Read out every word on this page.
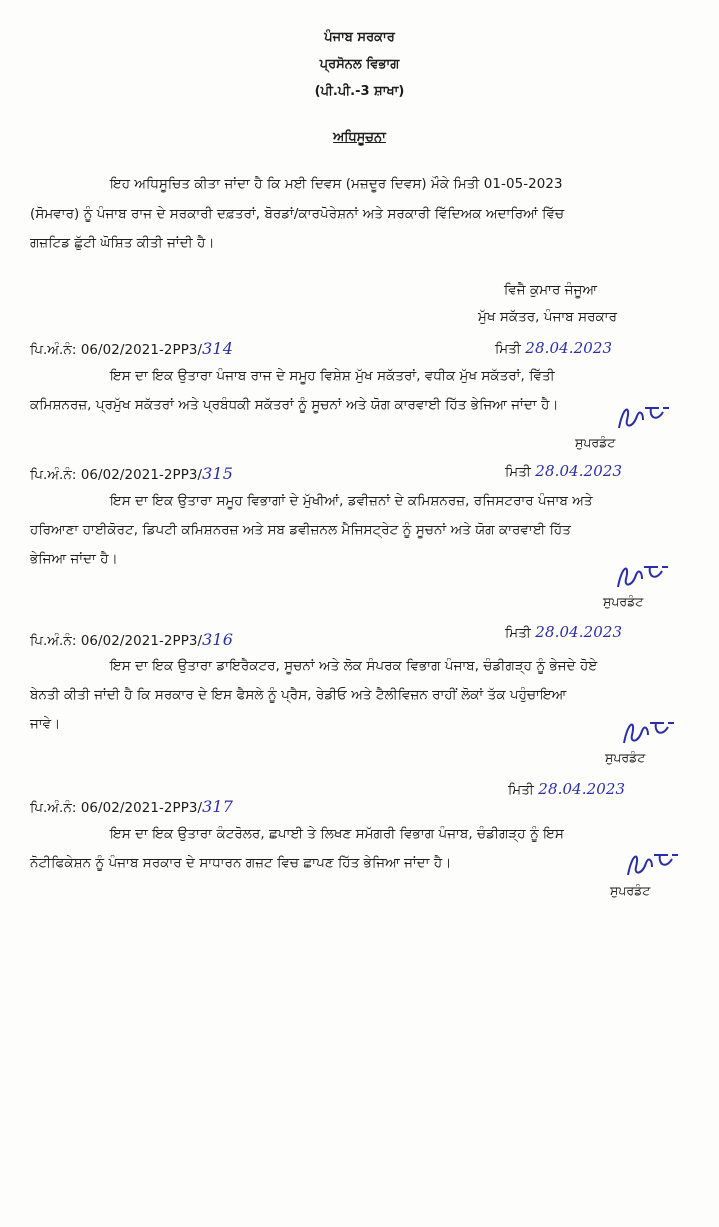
ਪੰਜਾਬ ਸਰਕਾਰ
ਪ੍ਰਸੋਨਲ ਵਿਭਾਗ
(ਪੀ.ਪੀ.-3 ਸ਼ਾਖਾ)
ਅਧਿਸੂਚਨਾ
ਇਹ ਅਧਿਸੂਚਿਤ ਕੀਤਾ ਜਾਂਦਾ ਹੈ ਕਿ ਮਈ ਦਿਵਸ (ਮਜ਼ਦੂਰ ਦਿਵਸ) ਮੌਕੇ ਮਿਤੀ 01-05-2023
(ਸੋਮਵਾਰ) ਨੂੰ ਪੰਜਾਬ ਰਾਜ ਦੇ ਸਰਕਾਰੀ ਦਫ਼ਤਰਾਂ, ਬੋਰਡਾਂ/ਕਾਰਪੋਰੇਸ਼ਨਾਂ ਅਤੇ ਸਰਕਾਰੀ ਵਿੱਦਿਅਕ ਅਦਾਰਿਆਂ ਵਿੱਚ
ਗਜ਼ਟਿਡ ਛੁੱਟੀ ਘੋਸ਼ਿਤ ਕੀਤੀ ਜਾਂਦੀ ਹੈ।
ਵਿਜੈ ਕੁਮਾਰ ਜੰਜੂਆ
ਮੁੱਖ ਸਕੱਤਰ, ਪੰਜਾਬ ਸਰਕਾਰ
ਪਿ.ਅੰ.ਨੰ: 06/02/2021-2PP3/314	ਮਿਤੀ 28.04.2023
ਇਸ ਦਾ ਇਕ ਉਤਾਰਾ ਪੰਜਾਬ ਰਾਜ ਦੇ ਸਮੂਹ ਵਿਸ਼ੇਸ਼ ਮੁੱਖ ਸਕੱਤਰਾਂ, ਵਧੀਕ ਮੁੱਖ ਸਕੱਤਰਾਂ, ਵਿੱਤੀ
ਕਮਿਸ਼ਨਰਜ਼, ਪ੍ਰਮੁੱਖ ਸਕੱਤਰਾਂ ਅਤੇ ਪ੍ਰਬੰਧਕੀ ਸਕੱਤਰਾਂ ਨੂੰ ਸੂਚਨਾਂ ਅਤੇ ਯੋਗ ਕਾਰਵਾਈ ਹਿੱਤ ਭੇਜਿਆ ਜਾਂਦਾ ਹੈ।
ਸੁਪਰਡੰਟ
ਪਿ.ਅੰ.ਨੰ: 06/02/2021-2PP3/315	ਮਿਤੀ 28.04.2023
ਇਸ ਦਾ ਇਕ ਉਤਾਰਾ ਸਮੂਹ ਵਿਭਾਗਾਂ ਦੇ ਮੁੱਖੀਆਂ, ਡਵੀਜ਼ਨਾਂ ਦੇ ਕਮਿਸ਼ਨਰਜ਼, ਰਜਿਸਟਰਾਰ ਪੰਜਾਬ ਅਤੇ
ਹਰਿਆਣਾ ਹਾਈਕੋਰਟ, ਡਿਪਟੀ ਕਮਿਸ਼ਨਰਜ਼ ਅਤੇ ਸਬ ਡਵੀਜ਼ਨਲ ਮੈਜਿਸਟ੍ਰੇਟ ਨੂੰ ਸੂਚਨਾਂ ਅਤੇ ਯੋਗ ਕਾਰਵਾਈ ਹਿੱਤ
ਭੇਜਿਆ ਜਾਂਦਾ ਹੈ।
ਸੁਪਰਡੰਟ
ਪਿ.ਅੰ.ਨੰ: 06/02/2021-2PP3/316	ਮਿਤੀ 28.04.2023
ਇਸ ਦਾ ਇਕ ਉਤਾਰਾ ਡਾਇਰੈਕਟਰ, ਸੂਚਨਾਂ ਅਤੇ ਲੋਕ ਸੰਪਰਕ ਵਿਭਾਗ ਪੰਜਾਬ, ਚੰਡੀਗੜ੍ਹ ਨੂੰ ਭੇਜਦੇ ਹੋਏ
ਬੇਨਤੀ ਕੀਤੀ ਜਾਂਦੀ ਹੈ ਕਿ ਸਰਕਾਰ ਦੇ ਇਸ ਫੈਸਲੇ ਨੂੰ ਪ੍ਰੈਸ, ਰੇਡੀਓ ਅਤੇ ਟੈਲੀਵਿਜ਼ਨ ਰਾਹੀਂ ਲੋਕਾਂ ਤੱਕ ਪਹੁੰਚਾਇਆ
ਜਾਵੇ।
ਸੁਪਰਡੰਟ
ਮਿਤੀ 28.04.2023
ਪਿ.ਅੰ.ਨੰ: 06/02/2021-2PP3/317
ਇਸ ਦਾ ਇਕ ਉਤਾਰਾ ਕੰਟਰੋਲਰ, ਛਪਾਈ ਤੇ ਲਿਖਣ ਸਮੱਗਰੀ ਵਿਭਾਗ ਪੰਜਾਬ, ਚੰਡੀਗੜ੍ਹ ਨੂੰ ਇਸ
ਨੋਟੀਫਿਕੇਸ਼ਨ ਨੂੰ ਪੰਜਾਬ ਸਰਕਾਰ ਦੇ ਸਾਧਾਰਨ ਗਜ਼ਟ ਵਿਚ ਛਾਪਣ ਹਿੱਤ ਭੇਜਿਆ ਜਾਂਦਾ ਹੈ।
ਸੁਪਰਡੰਟ
